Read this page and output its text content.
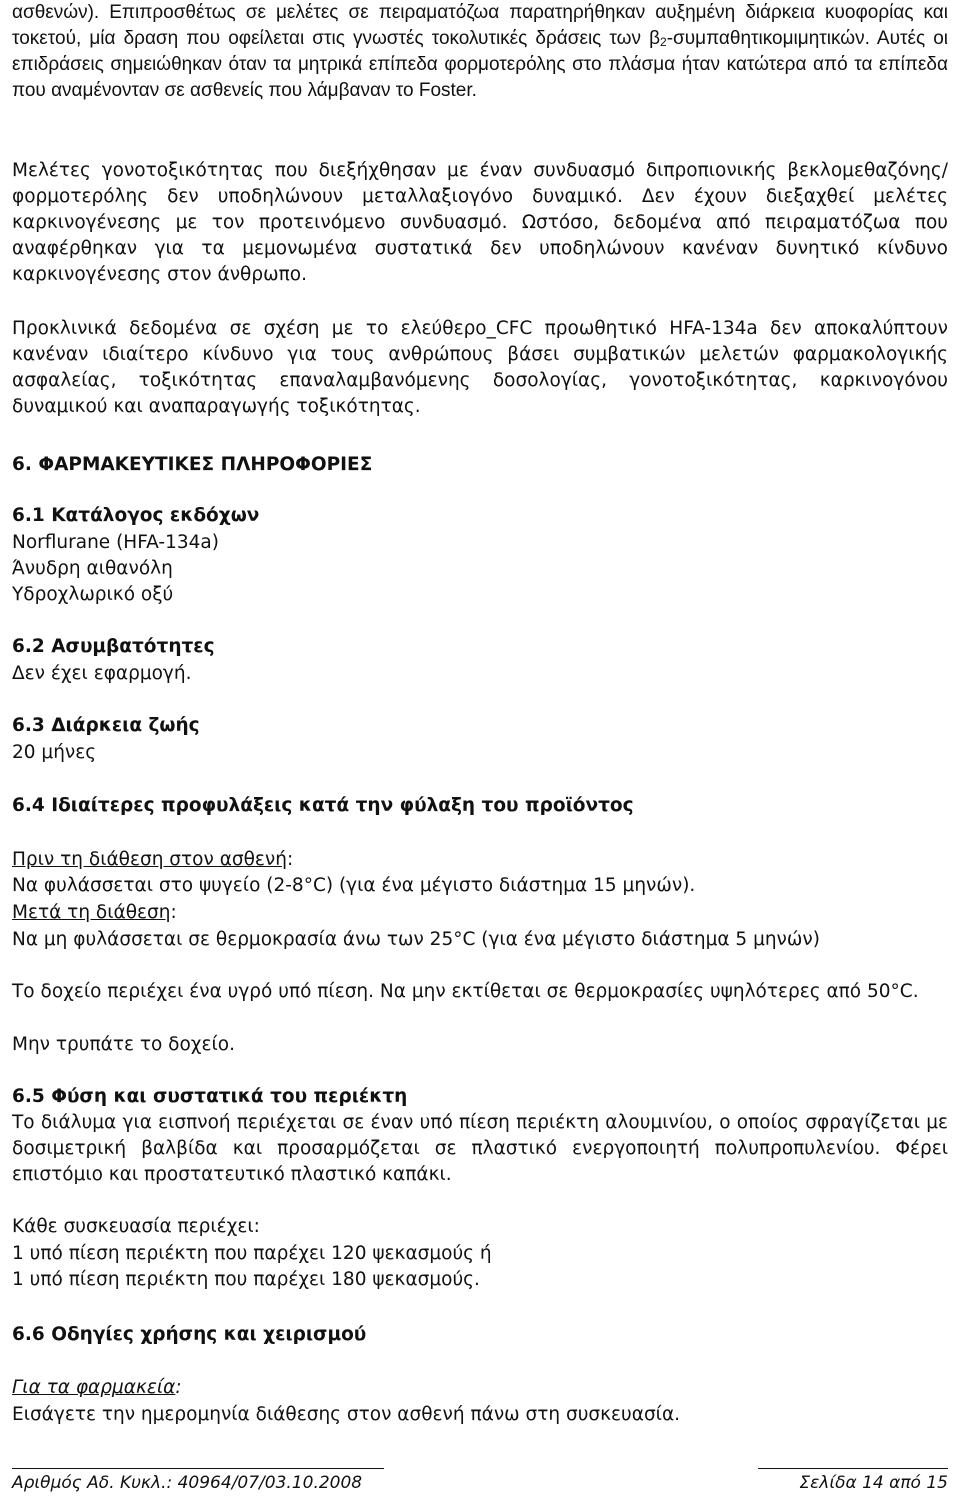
ασθενών). Επιπροσθέτως σε μελέτες σε πειραματόζωα παρατηρήθηκαν αυξημένη διάρκεια κυοφορίας και τοκετού, μία δραση που οφείλεται στις γνωστές τοκολυτικές δράσεις των $\beta_2$-συμπαθητικομιμητικών. Αυτές οι επιδράσεις σημειώθηκαν όταν τα μητρικά επίπεδα φορμοτερόλης στο πλάσμα ήταν κατώτερα από τα επίπεδα που αναμένονταν σε ασθενείς που λάμβαναν το Foster.
Μελέτες γονοτοξικότητας που διεξήχθησαν με έναν συνδυασμό διπροπιονικής βεκλομεθαζόνης/φορμοτερόλης δεν υποδηλώνουν μεταλλαξιογόνο δυναμικό. Δεν έχουν διεξαχθεί μελέτες καρκινογένεσης με τον προτεινόμενο συνδυασμό. Ωστόσο, δεδομένα από πειραματόζωα που αναφέρθηκαν για τα μεμονωμένα συστατικά δεν υποδηλώνουν κανέναν δυνητικό κίνδυνο καρκινογένεσης στον άνθρωπο.
Προκλινικά δεδομένα σε σχέση με το ελεύθερο_CFC προωθητικό HFA-134a δεν αποκαλύπτουν κανέναν ιδιαίτερο κίνδυνο για τους ανθρώπους βάσει συμβατικών μελετών φαρμακολογικής ασφαλείας, τοξικότητας επαναλαμβανόμενης δοσολογίας, γονοτοξικότητας, καρκινογόνου δυναμικού και αναπαραγωγής τοξικότητας.
6. ΦΑΡΜΑΚΕΥΤΙΚΕΣ ΠΛΗΡΟΦΟΡΙΕΣ
6.1 Κατάλογος εκδόχων
Norflurane (HFA-134a)
Άνυδρη αιθανόλη
Υδροχλωρικό οξύ
6.2 Ασυμβατότητες
Δεν έχει εφαρμογή.
6.3 Διάρκεια ζωής
20 μήνες
6.4 Ιδιαίτερες προφυλάξεις κατά την φύλαξη του προϊόντος
Πριν τη διάθεση στον ασθενή:
Να φυλάσσεται στο ψυγείο (2-8°C) (για ένα μέγιστο διάστημα 15 μηνών).
Μετά τη διάθεση:
Να μη φυλάσσεται σε θερμοκρασία άνω των 25°C (για ένα μέγιστο διάστημα 5 μηνών)
Το δοχείο περιέχει ένα υγρό υπό πίεση. Να μην εκτίθεται σε θερμοκρασίες υψηλότερες από 50°C.
Μην τρυπάτε το δοχείο.
6.5 Φύση και συστατικά του περιέκτη
Το διάλυμα για εισπνοή περιέχεται σε έναν υπό πίεση περιέκτη αλουμινίου, ο οποίος σφραγίζεται με δοσιμετρική βαλβίδα και προσαρμόζεται σε πλαστικό ενεργοποιητή πολυπροπυλενίου. Φέρει επιστόμιο και προστατευτικό πλαστικό καπάκι.
Κάθε συσκευασία περιέχει:
1 υπό πίεση περιέκτη που παρέχει 120 ψεκασμούς ή
1 υπό πίεση περιέκτη που παρέχει 180 ψεκασμούς.
6.6 Οδηγίες χρήσης και χειρισμού
Για τα φαρμακεία:
Εισάγετε την ημερομηνία διάθεσης στον ασθενή πάνω στη συσκευασία.
Αριθμός Αδ. Κυκλ.: 40964/07/03.10.2008	Σελίδα 14 από 15
